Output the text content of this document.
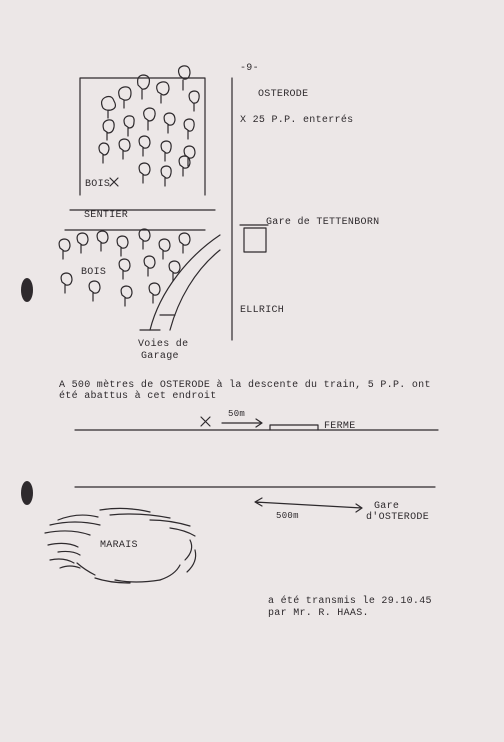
-9-
OSTERODE
X 25 P.P. enterrés
BOIS
SENTIER
Gare de TETTENBORN
BOIS
ELLRICH
Voies de
Garage
A 500 mètres de OSTERODE à la descente du train, 5 P.P. ont
été abattus à cet endroit
50m
FERME
Gare
d'OSTERODE
500m
MARAIS
a été transmis le 29.10.45
par Mr. R. HAAS.
